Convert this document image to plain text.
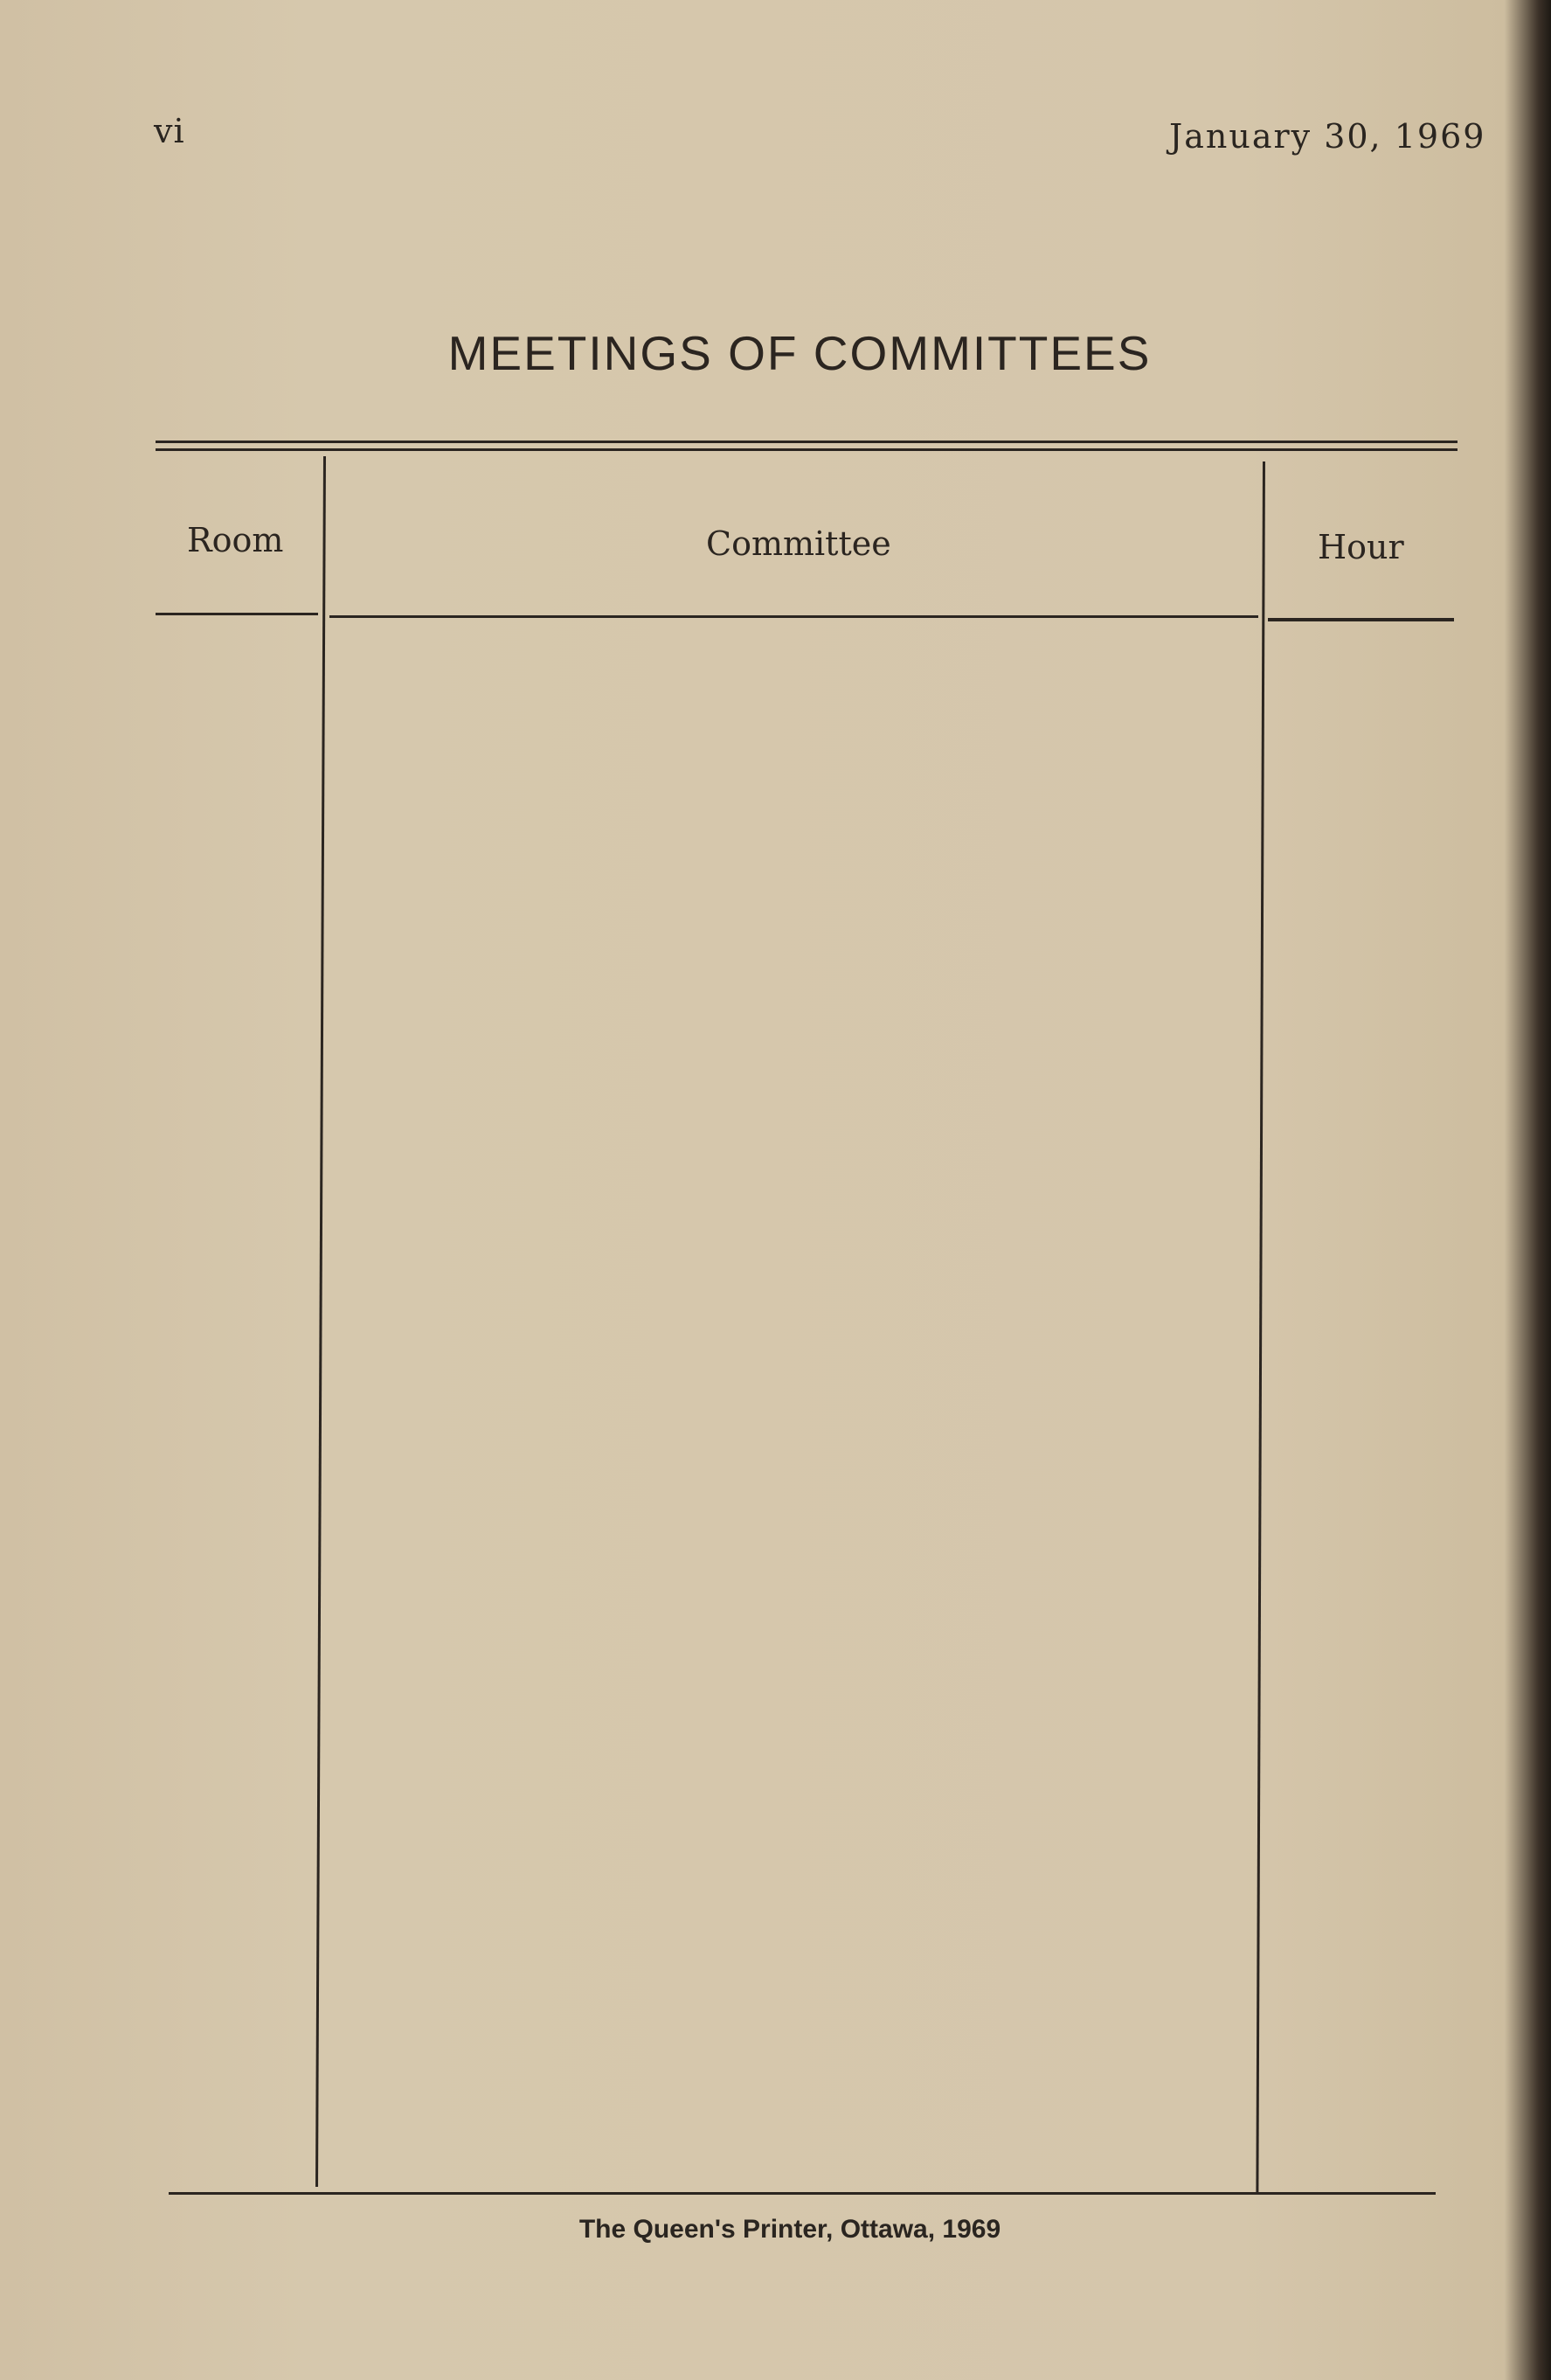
vi	January 30, 1969
MEETINGS OF COMMITTEES
Room	Committee	Hour
The Queen's Printer, Ottawa, 1969
